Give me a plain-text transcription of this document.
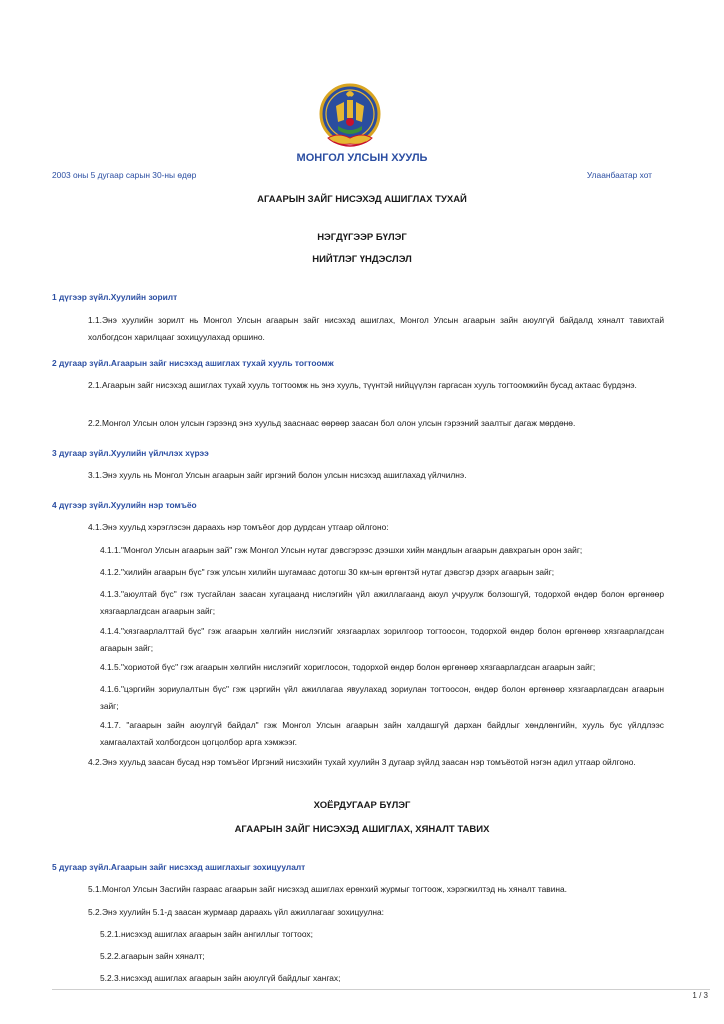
МОНГОЛ УЛСЫН ХУУЛЬ
2003 оны 5 дугаар сарын 30-ны өдөр	Улаанбаатар хот
АГААРЫН ЗАЙГ НИСЭХЭД АШИГЛАХ ТУХАЙ
НЭГДҮГЭЭР БҮЛЭГ
НИЙТЛЭГ ҮНДЭСЛЭЛ
1 дүгээр зүйл.Хуулийн зорилт
1.1.Энэ хуулийн зорилт нь Монгол Улсын агаарын зайг нисэхэд ашиглах, Монгол Улсын агаарын зайн аюулгүй байдалд хяналт тавихтай холбогдсон харилцааг зохицуулахад оршино.
2 дугаар зүйл.Агаарын зайг нисэхэд ашиглах тухай хууль тогтоомж
2.1.Агаарын зайг нисэхэд ашиглах тухай хууль тогтоомж нь энэ хууль, түүнтэй нийцүүлэн гаргасан хууль тогтоомжийн бусад актаас бүрдэнэ.
2.2.Монгол Улсын олон улсын гэрээнд энэ хуульд зааснаас өөрөөр заасан бол олон улсын гэрээний заалтыг дагаж мөрдөнө.
3 дугаар зүйл.Хуулийн үйлчлэх хүрээ
3.1.Энэ хууль нь Монгол Улсын агаарын зайг иргэний болон улсын нисэхэд ашиглахад үйлчилнэ.
4 дүгээр зүйл.Хуулийн нэр томъёо
4.1.Энэ хуульд хэрэглэсэн дараахь нэр томъёог дор дурдсан утгаар ойлгоно:
4.1.1."Монгол Улсын агаарын зай" гэж Монгол Улсын нутаг дэвсгэрээс дээшхи хийн мандлын агаарын давхрагын орон зайг;
4.1.2."хилийн агаарын бүс" гэж улсын хилийн шугамаас дотогш 30 км-ын өргөнтэй нутаг дэвсгэр дээрх агаарын зайг;
4.1.3."аюултай бүс" гэж тусгайлан заасан хугацаанд нислэгийн үйл ажиллагаанд аюул учруулж болзошгүй, тодорхой өндөр болон өргөнөөр хязгаарлагдсан агаарын зайг;
4.1.4."хязгаарлалттай бүс" гэж агаарын хөлгийн нислэгийг хязгаарлах зорилгоор тогтоосон, тодорхой өндөр болон өргөнөөр хязгаарлагдсан агаарын зайг;
4.1.5."хориотой бүс" гэж агаарын хөлгийн нислэгийг хориглосон, тодорхой өндөр болон өргөнөөр хязгаарлагдсан агаарын зайг;
4.1.6."цэргийн зориулалтын бүс" гэж цэргийн үйл ажиллагаа явуулахад зориулан тогтоосон, өндөр болон өргөнөөр хязгаарлагдсан агаарын зайг;
4.1.7. "агаарын зайн аюулгүй байдал" гэж Монгол Улсын агаарын зайн халдашгүй дархан байдлыг хөндлөнгийн, хууль бус үйлдлээс хамгаалахтай холбогдсон цогцолбор арга хэмжээг.
4.2.Энэ хуульд заасан бусад нэр томъёог Иргэний нисэхийн тухай хуулийн 3 дугаар зүйлд заасан нэр томъёотой нэгэн адил утгаар ойлгоно.
ХОЁРДУГААР БҮЛЭГ
АГААРЫН ЗАЙГ НИСЭХЭД АШИГЛАХ, ХЯНАЛТ ТАВИХ
5 дугаар зүйл.Агаарын зайг нисэхэд ашиглахыг зохицуулалт
5.1.Монгол Улсын Засгийн газраас агаарын зайг нисэхэд ашиглах ерөнхий журмыг тогтоож, хэрэгжилтэд нь хяналт тавина.
5.2.Энэ хуулийн 5.1-д заасан журмаар дараахь үйл ажиллагааг зохицуулна:
5.2.1.нисэхэд ашиглах агаарын зайн ангиллыг тогтоох;
5.2.2.агаарын зайн хяналт;
5.2.3.нисэхэд ашиглах агаарын зайн аюулгүй байдлыг хангах;
1 / 3
